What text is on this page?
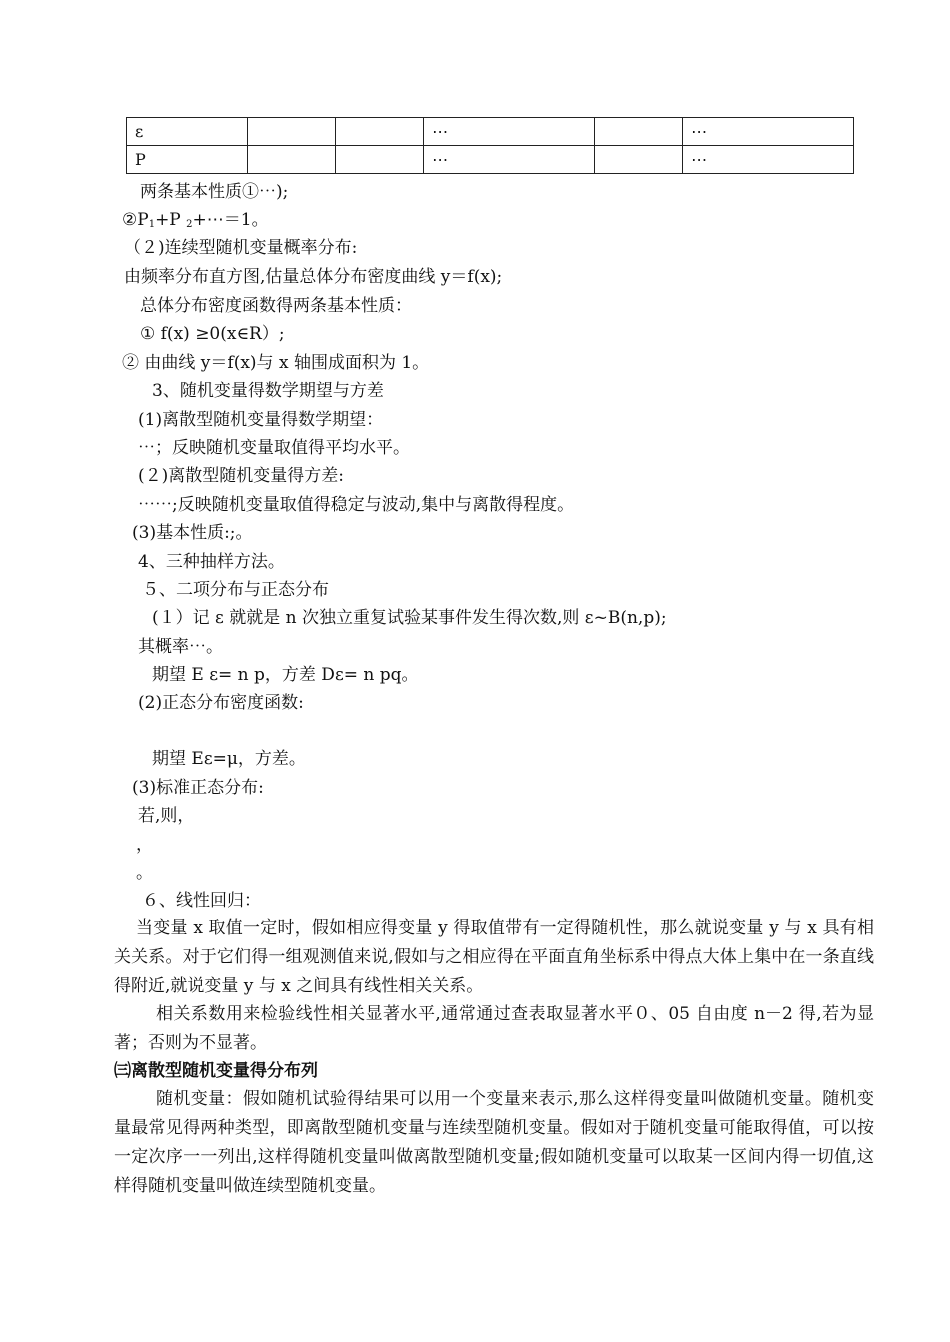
ε			⋯		⋯
P			⋯		⋯
两条基本性质①⋯);
$②P_1+P$ $_2$+⋯＝1。
（２)连续型随机变量概率分布:
由频率分布直方图,估量总体分布密度曲线 y＝f(x);
总体分布密度函数得两条基本性质：
① f(x) ≥0(x∈R）;
② 由曲线 y＝f(x)与 x 轴围成面积为 1。
3、随机变量得数学期望与方差
(1)离散型随机变量得数学期望：
⋯；反映随机变量取值得平均水平。
(２)离散型随机变量得方差:
⋯⋯;反映随机变量取值得稳定与波动,集中与离散得程度。
(3)基本性质:;。
4、三种抽样方法。
５、二项分布与正态分布
(１）记 ε 就就是 n 次独立重复试验某事件发生得次数,则 ε~B(n,p);
其概率⋯。
期望 E ε= n p，方差 Dε= n pq。
(2)正态分布密度函数:
期望 Eε=μ，方差。
(3)标准正态分布:
若,则，
，
。
６、线性回归：
当变量 x 取值一定时，假如相应得变量 y 得取值带有一定得随机性，那么就说变量 y 与 x 具有相关关系。对于它们得一组观测值来说,假如与之相应得在平面直角坐标系中得点大体上集中在一条直线得附近,就说变量 y 与 x 之间具有线性相关关系。
相关系数用来检验线性相关显著水平,通常通过查表取显著水平０、05 自由度 n－2 得,若为显著；否则为不显著。
㈢离散型随机变量得分布列
随机变量：假如随机试验得结果可以用一个变量来表示,那么这样得变量叫做随机变量。随机变量最常见得两种类型，即离散型随机变量与连续型随机变量。假如对于随机变量可能取得值，可以按一定次序一一列出,这样得随机变量叫做离散型随机变量;假如随机变量可以取某一区间内得一切值,这样得随机变量叫做连续型随机变量。
